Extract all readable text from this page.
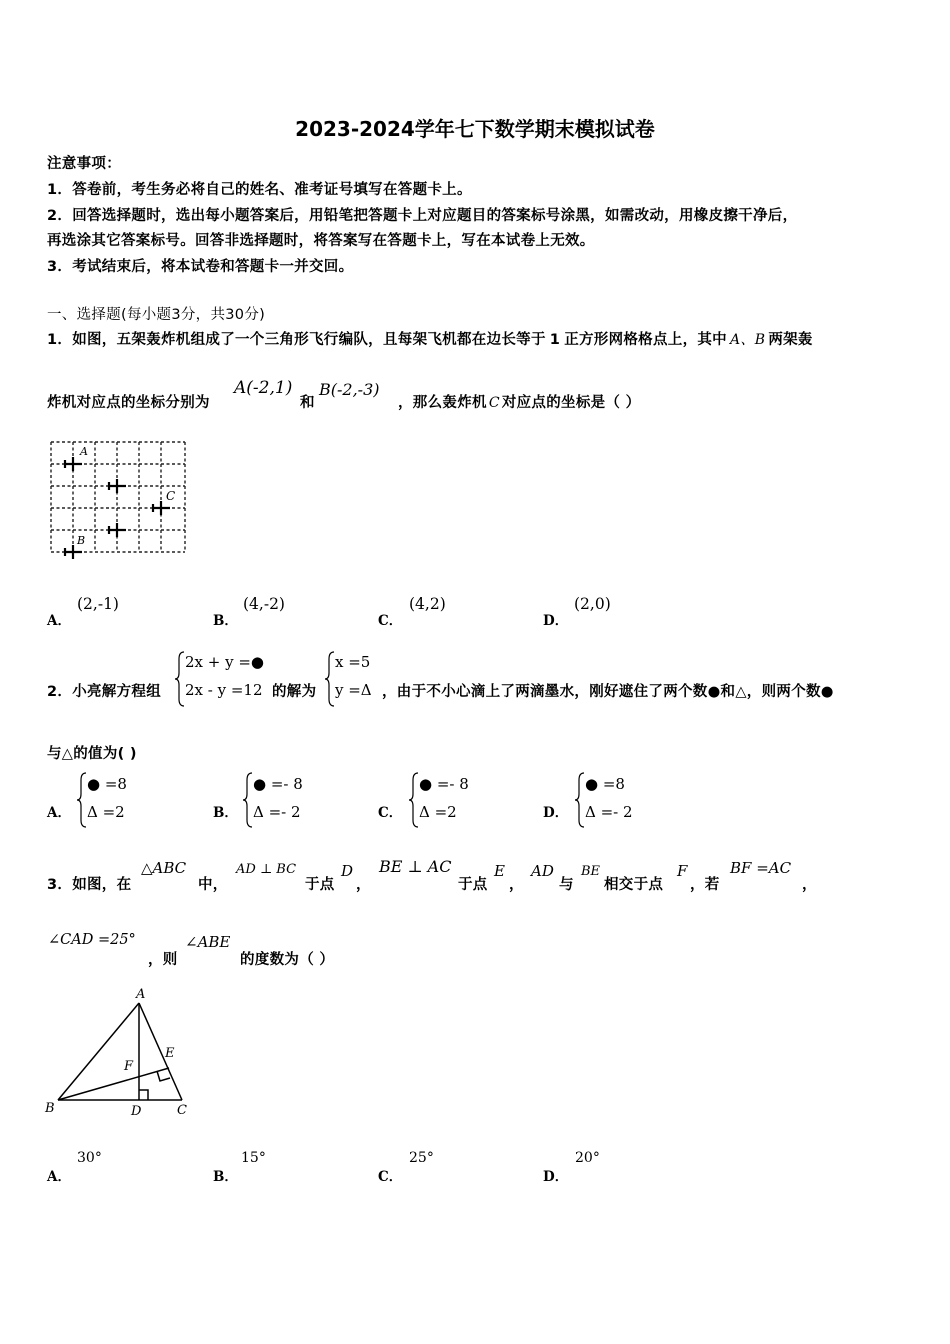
2023-2024学年七下数学期末模拟试卷
注意事项：
1．答卷前，考生务必将自己的姓名、准考证号填写在答题卡上。
2．回答选择题时，选出每小题答案后，用铅笔把答题卡上对应题目的答案标号涂黑，如需改动，用橡皮擦干净后，
再选涂其它答案标号。回答非选择题时，将答案写在答题卡上，写在本试卷上无效。
3．考试结束后，将本试卷和答题卡一并交回。
一、选择题(每小题3分，共30分)
1．如图，五架轰炸机组成了一个三角形飞行编队，且每架飞机都在边长等于 1 正方形网格格点上，其中 A、B 两架轰
炸机对应点的坐标分别为
A(-2,1)
和
B(-2,-3)
，那么轰炸机 C 对应点的坐标是（ ）
A
C
B
A．
(2,-1)
B．
(4,-2)
C．
(4,2)
D．
(2,0)
2．小亮解方程组
2x + y =●
2x - y =12 的解为
x =5
y =Δ ，由于不小心滴上了两滴墨水，刚好遮住了两个数●和△，则两个数●
与△的值为( )
A．
● =8
Δ =2	B．
● =- 8
Δ =- 2	C．
● =- 8
Δ =2	D．
● =8
Δ =- 2
3．如图，在
△ABC
中，
AD ⊥ BC
于点
D
，
BE ⊥ AC
于点
E
，
AD
与
BE
相交于点
F
，若
BF =AC
，
∠CAD =25°
，则
∠ABE
的度数为（ ）
A
B	C
D
E
F
A．
30°
B．
15°
C．
25°
D．
20°
